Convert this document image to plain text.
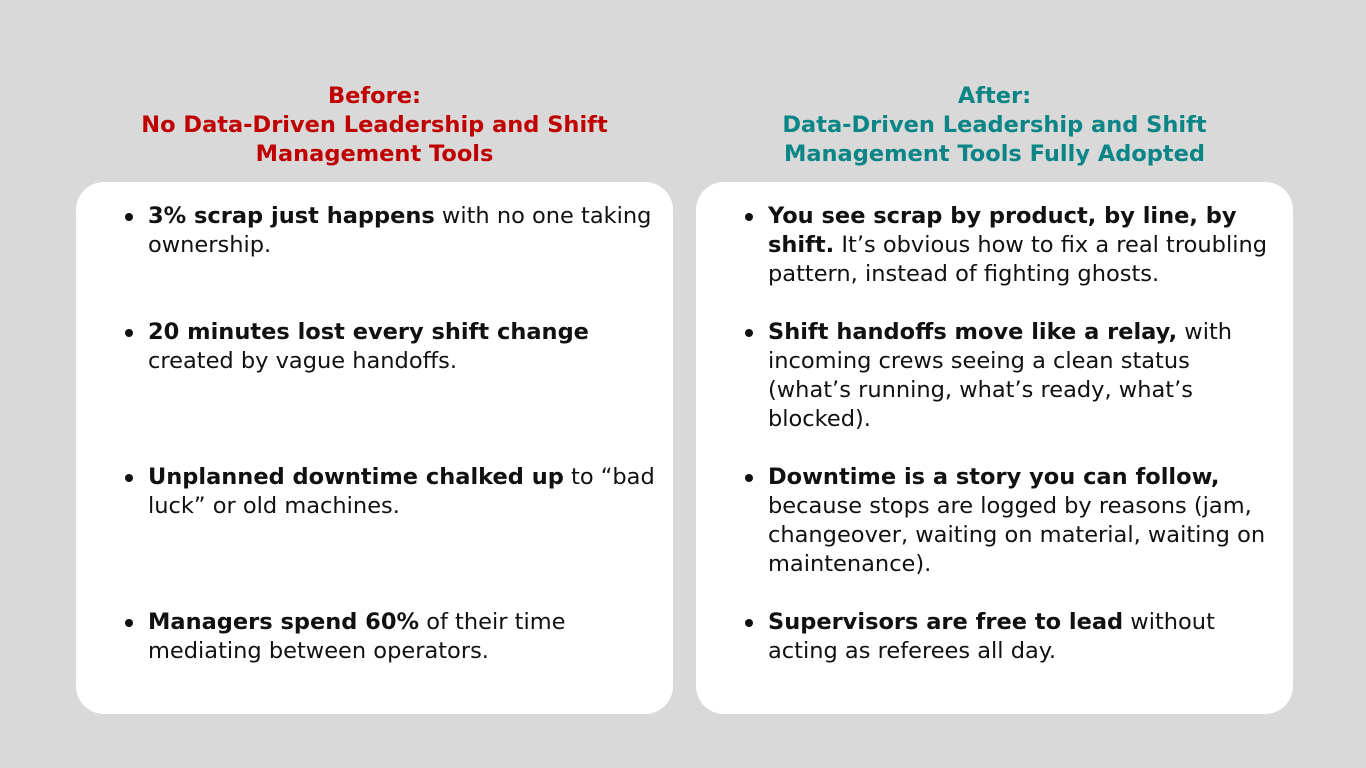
Before:
No Data-Driven Leadership and Shift
Management Tools
3% scrap just happens with no one taking ownership.
20 minutes lost every shift change created by vague handoffs.
Unplanned downtime chalked up to “bad luck” or old machines.
Managers spend 60% of their time mediating between operators.
After:
Data-Driven Leadership and Shift
Management Tools Fully Adopted
You see scrap by product, by line, by shift. It’s obvious how to fix a real troubling pattern, instead of fighting ghosts.
Shift handoffs move like a relay, with incoming crews seeing a clean status (what’s running, what’s ready, what’s blocked).
Downtime is a story you can follow, because stops are logged by reasons (jam, changeover, waiting on material, waiting on maintenance).
Supervisors are free to lead without acting as referees all day.
